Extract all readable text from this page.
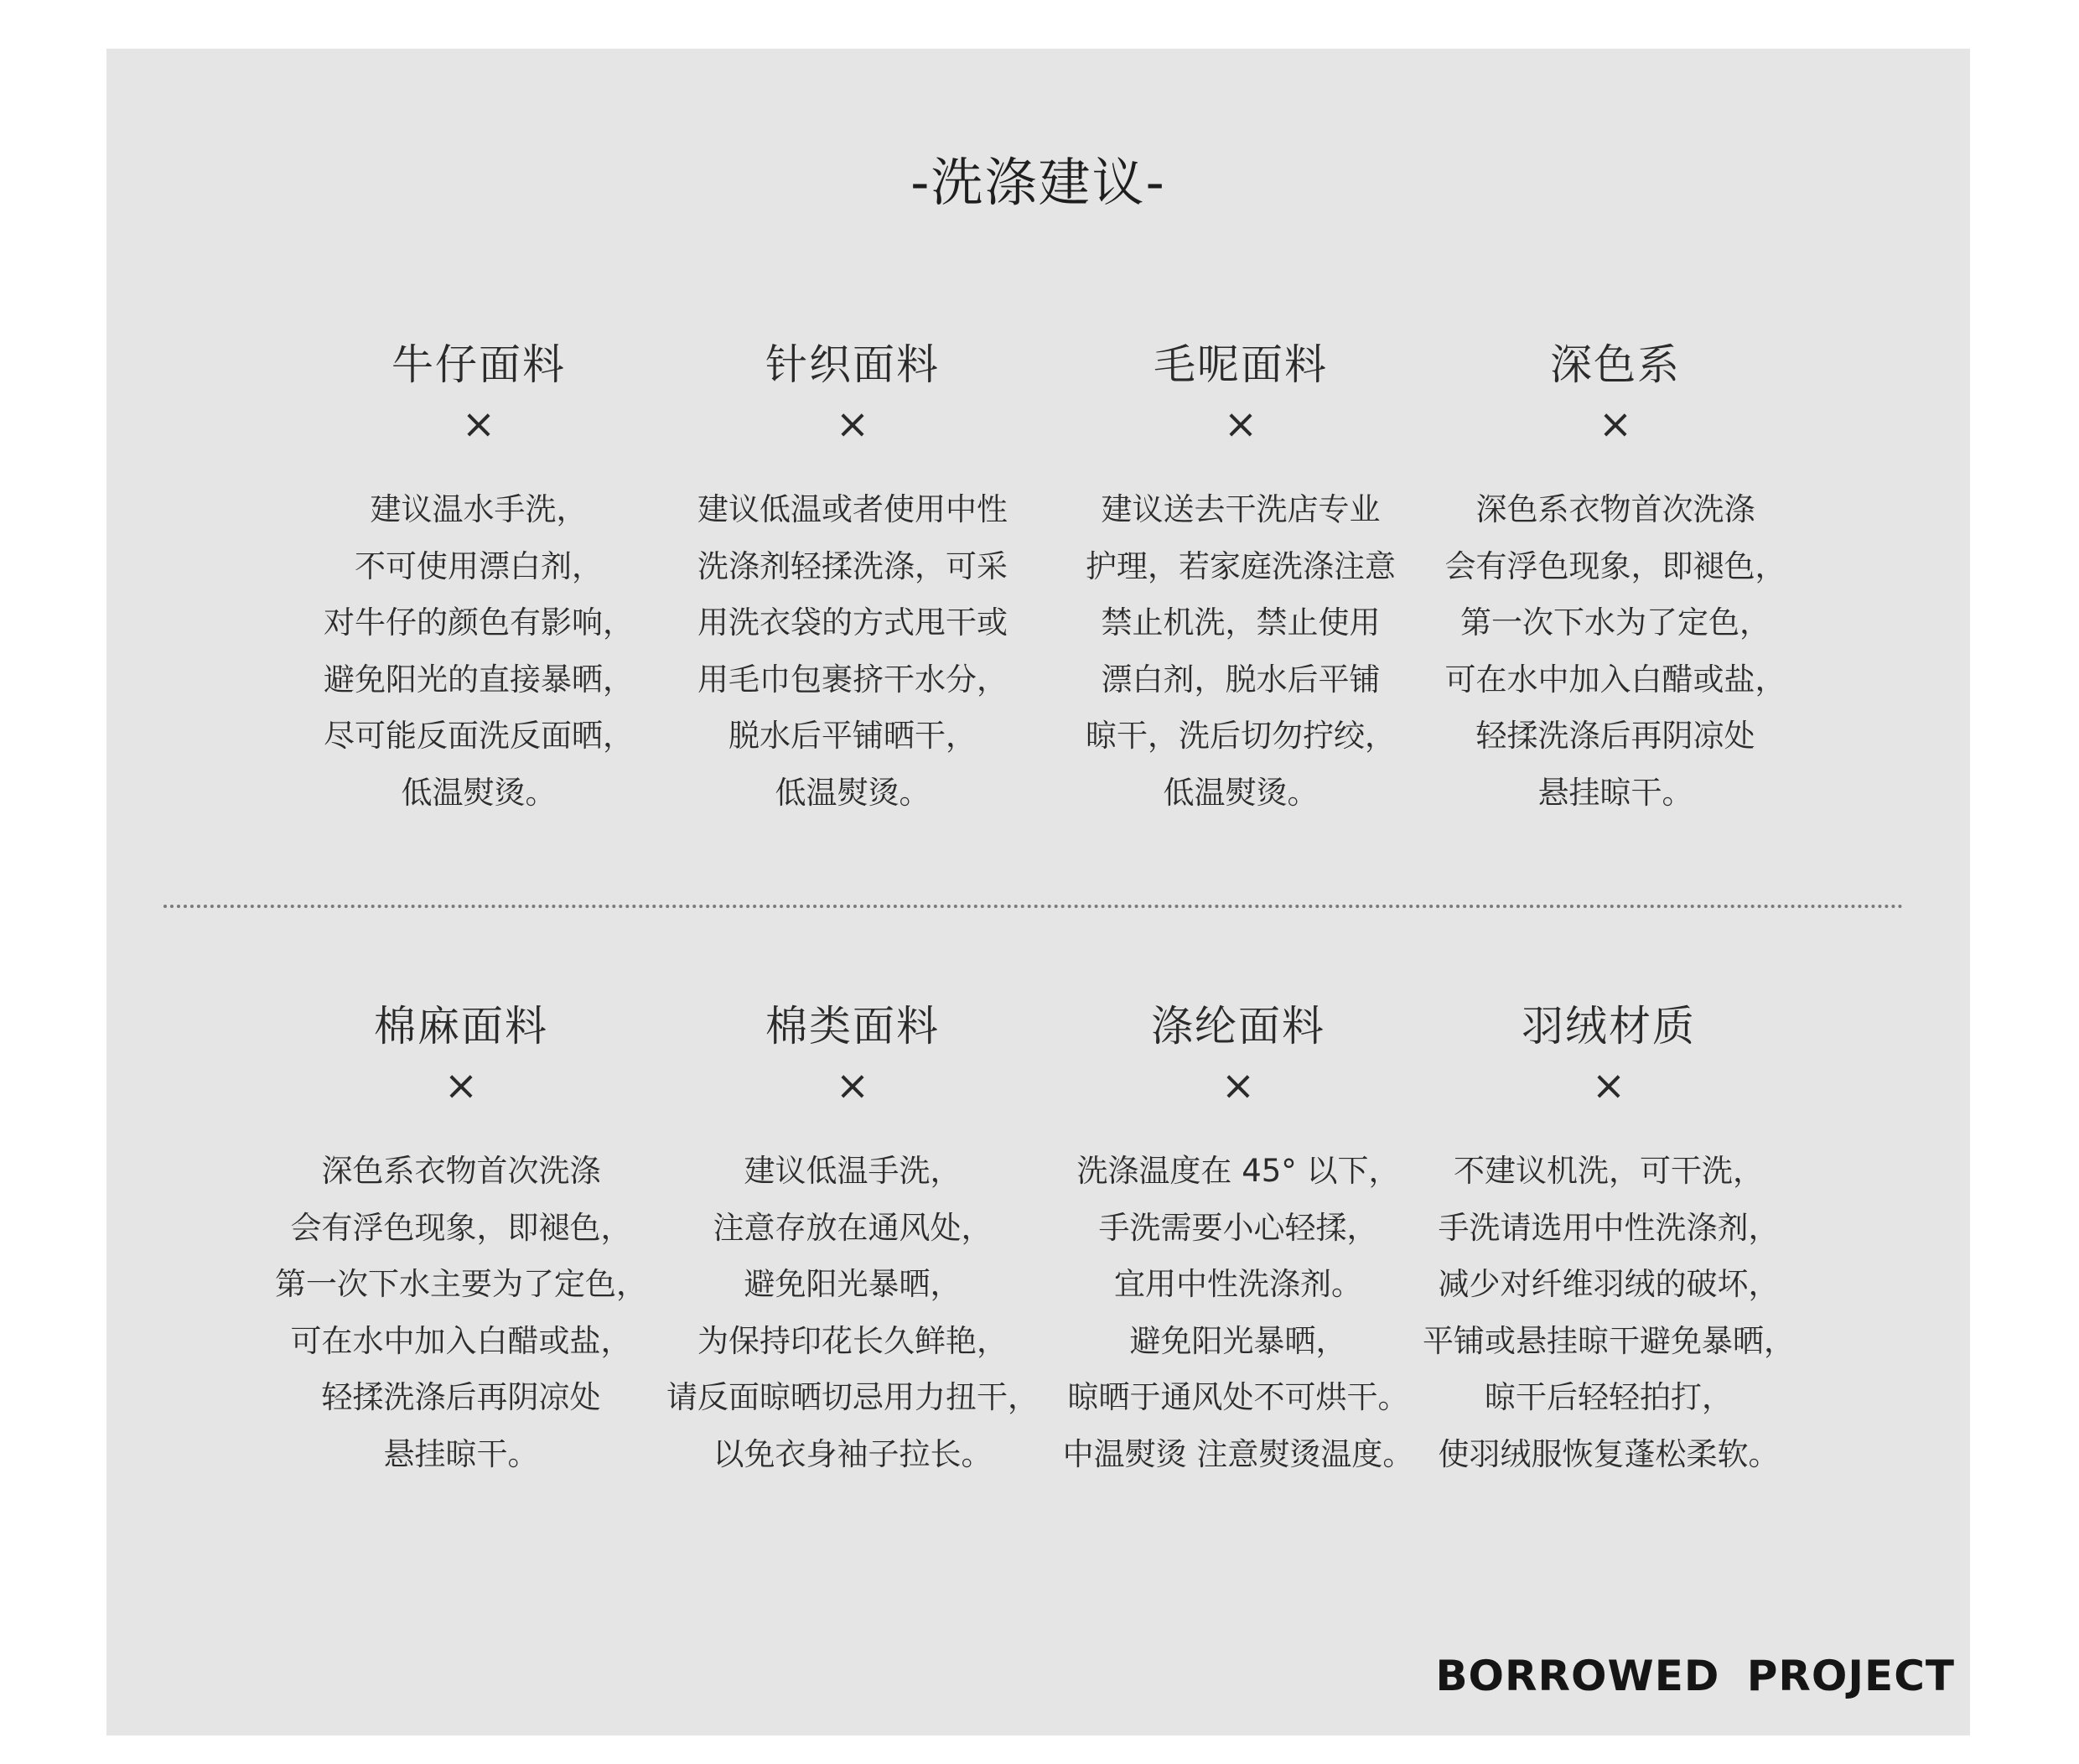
-洗涤建议-
牛仔面料
×
建议温水手洗，
不可使用漂白剂，
对牛仔的颜色有影响，
避免阳光的直接暴晒，
尽可能反面洗反面晒，
低温熨烫。
针织面料
×
建议低温或者使用中性
洗涤剂轻揉洗涤，可采
用洗衣袋的方式甩干或
用毛巾包裹挤干水分，
脱水后平铺晒干，
低温熨烫。
毛呢面料
×
建议送去干洗店专业
护理，若家庭洗涤注意
禁止机洗，禁止使用
漂白剂，脱水后平铺
晾干，洗后切勿拧绞，
低温熨烫。
深色系
×
深色系衣物首次洗涤
会有浮色现象，即褪色，
第一次下水为了定色，
可在水中加入白醋或盐，
轻揉洗涤后再阴凉处
悬挂晾干。
棉麻面料
×
深色系衣物首次洗涤
会有浮色现象，即褪色，
第一次下水主要为了定色，
可在水中加入白醋或盐，
轻揉洗涤后再阴凉处
悬挂晾干。
棉类面料
×
建议低温手洗，
注意存放在通风处，
避免阳光暴晒，
为保持印花长久鲜艳，
请反面晾晒切忌用力扭干，
以免衣身袖子拉长。
涤纶面料
×
洗涤温度在 45° 以下，
手洗需要小心轻揉，
宜用中性洗涤剂。
避免阳光暴晒，
晾晒于通风处不可烘干。
中温熨烫 注意熨烫温度。
羽绒材质
×
不建议机洗，可干洗，
手洗请选用中性洗涤剂，
减少对纤维羽绒的破坏，
平铺或悬挂晾干避免暴晒，
晾干后轻轻拍打，
使羽绒服恢复蓬松柔软。
BORROWED PROJECT
